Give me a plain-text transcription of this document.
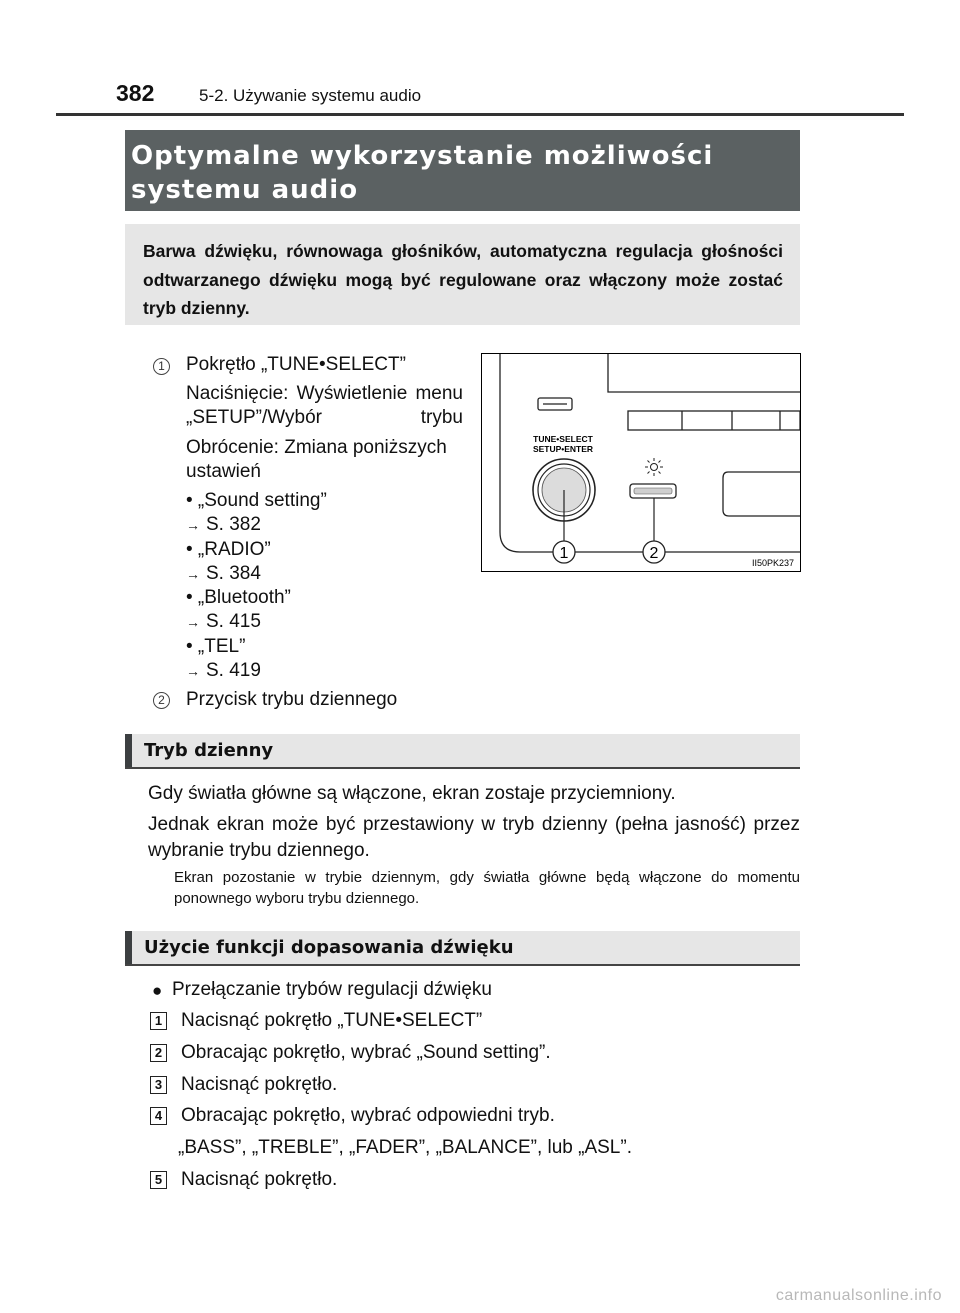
382	5-2. Używanie systemu audio
Optymalne wykorzystanie możliwości systemu audio

Barwa dźwięku, równowaga głośników, automatyczna regulacja głośności odtwarzanego dźwięku mogą być regulowane oraz włączony może zostać tryb dzienny.

1 Pokrętło „TUNE•SELECT”
Naciśnięcie: Wyświetlenie menu „SETUP”/Wybór trybu
Obrócenie: Zmiana poniższych ustawień
• „Sound setting”
→ S. 382
• „RADIO”
→ S. 384
• „Bluetooth”
→ S. 415
• „TEL”
→ S. 419
2 Przycisk trybu dziennego
TUNE•SELECT
SETUP•ENTER
1	2
II50PK237
Tryb dzienny
Gdy światła główne są włączone, ekran zostaje przyciemniony.
Jednak ekran może być przestawiony w tryb dzienny (pełna jasność) przez wybranie trybu dziennego.
Ekran pozostanie w trybie dziennym, gdy światła główne będą włączone do momentu ponownego wyboru trybu dziennego.
Użycie funkcji dopasowania dźwięku
● Przełączanie trybów regulacji dźwięku
1 Nacisnąć pokrętło „TUNE•SELECT”
2 Obracając pokrętło, wybrać „Sound setting”.
3 Nacisnąć pokrętło.
4 Obracając pokrętło, wybrać odpowiedni tryb.
„BASS”, „TREBLE”, „FADER”, „BALANCE”, lub „ASL”.
5 Nacisnąć pokrętło.
carmanualsonline.info
